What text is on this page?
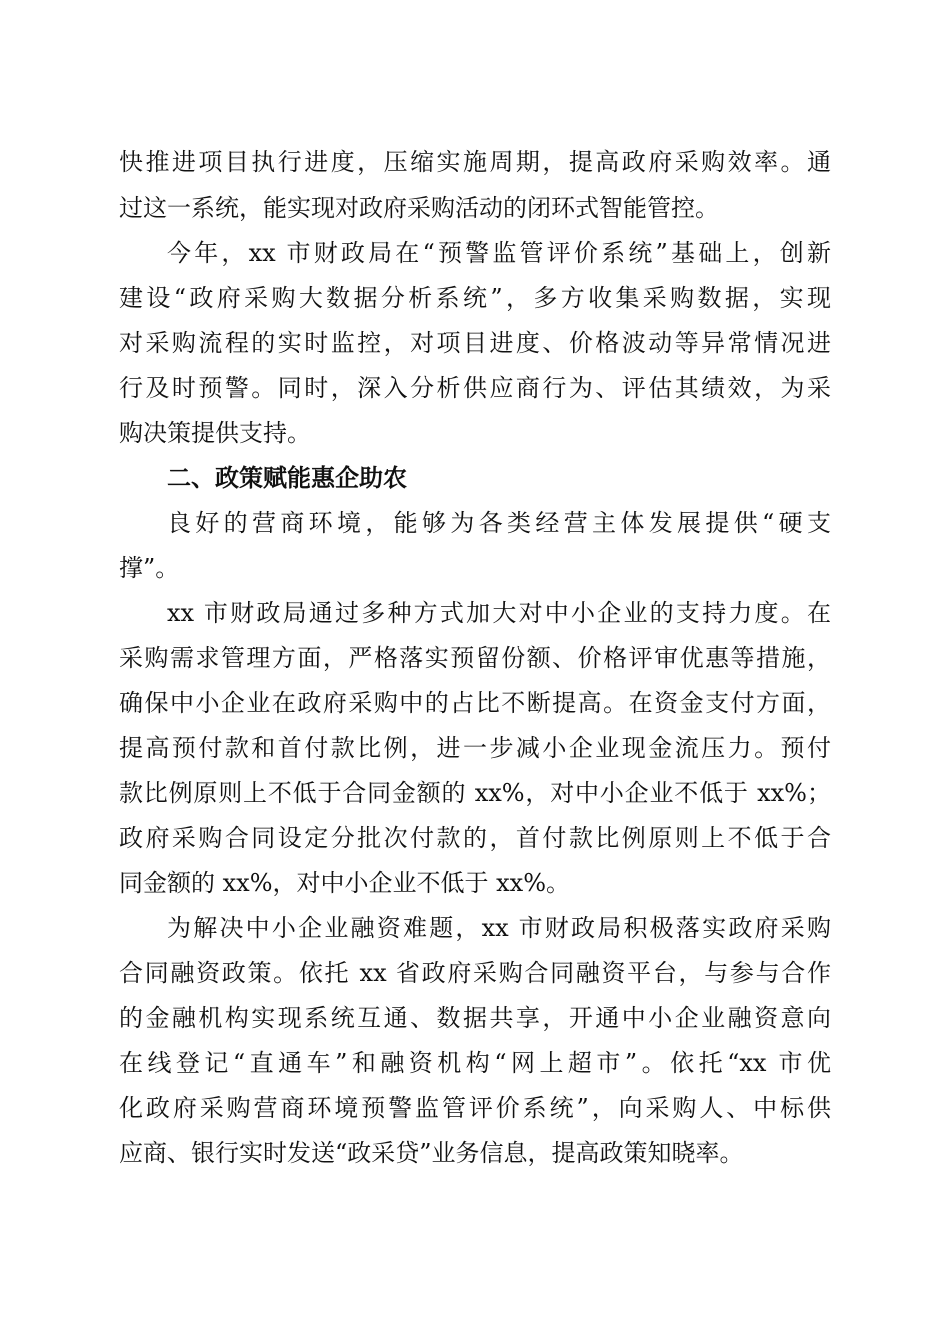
快推进项目执行进度，压缩实施周期，提高政府采购效率。通

过这一系统，能实现对政府采购活动的闭环式智能管控。

今年，xx 市财政局在“预警监管评价系统”基础上，创新

建设“政府采购大数据分析系统”，多方收集采购数据，实现

对采购流程的实时监控，对项目进度、价格波动等异常情况进

行及时预警。同时，深入分析供应商行为、评估其绩效，为采

购决策提供支持。

二、政策赋能惠企助农

良好的营商环境，能够为各类经营主体发展提供“硬支

撑”。

xx 市财政局通过多种方式加大对中小企业的支持力度。在

采购需求管理方面，严格落实预留份额、价格评审优惠等措施，

确保中小企业在政府采购中的占比不断提高。在资金支付方面，

提高预付款和首付款比例，进一步减小企业现金流压力。预付

款比例原则上不低于合同金额的 xx%，对中小企业不低于 xx%；

政府采购合同设定分批次付款的，首付款比例原则上不低于合

同金额的 xx%，对中小企业不低于 xx%。

为解决中小企业融资难题，xx 市财政局积极落实政府采购

合同融资政策。依托 xx 省政府采购合同融资平台，与参与合作

的金融机构实现系统互通、数据共享，开通中小企业融资意向

在线登记“直通车”和融资机构“网上超市”。依托“xx 市优

化政府采购营商环境预警监管评价系统”，向采购人、中标供

应商、银行实时发送“政采贷”业务信息，提高政策知晓率。
